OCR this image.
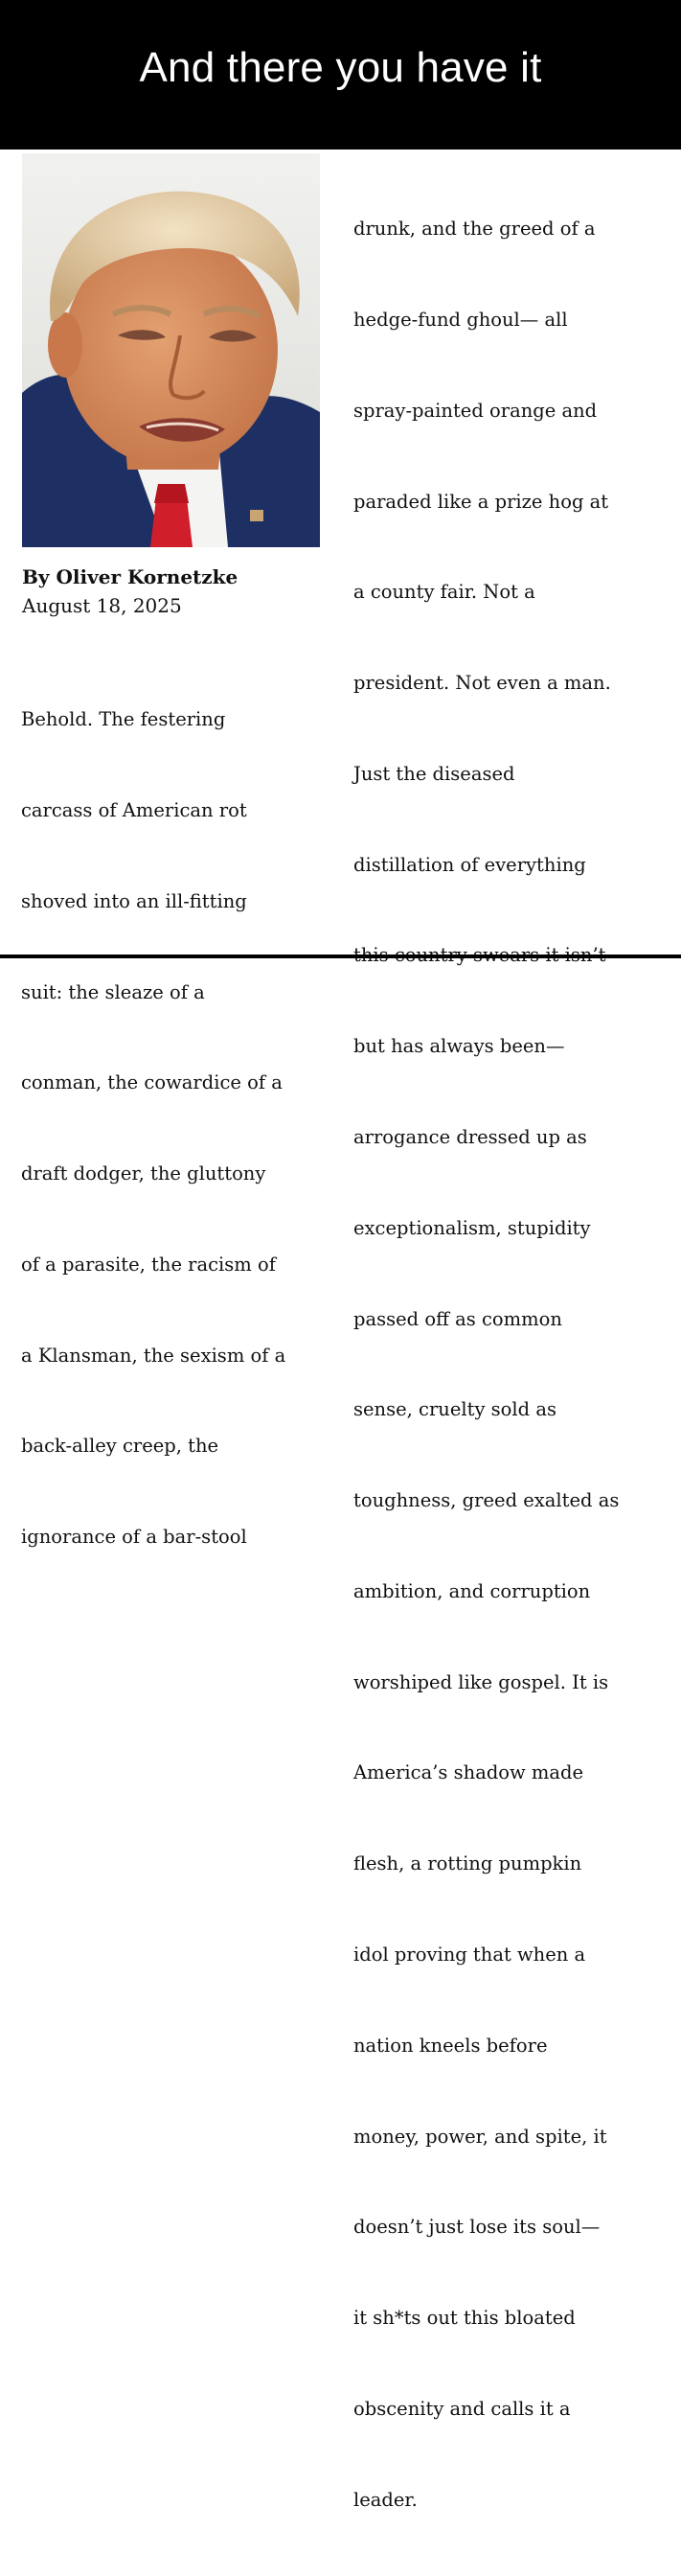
And there you have it
By Oliver Kornetzke
August 18, 2025

Behold. The festering

carcass of American rot

shoved into an ill-fitting

suit: the sleaze of a

conman, the cowardice of a

draft dodger, the gluttony

of a parasite, the racism of

a Klansman, the sexism of a

back-alley creep, the

ignorance of a bar-stool

drunk, and the greed of a

hedge-fund ghoul— all

spray-painted orange and

paraded like a prize hog at

a county fair. Not a

president. Not even a man.

Just the diseased

distillation of everything

but has always been—

arrogance dressed up as

exceptionalism, stupidity

passed off as common

sense, cruelty sold as

toughness, greed exalted as

ambition, and corruption

worshiped like gospel. It is

America’s shadow made

flesh, a rotting pumpkin

idol proving that when a

nation kneels before

money, power, and spite, it

doesn’t just lose its soul—

it sh*ts out this bloated

obscenity and calls it a

leader.
